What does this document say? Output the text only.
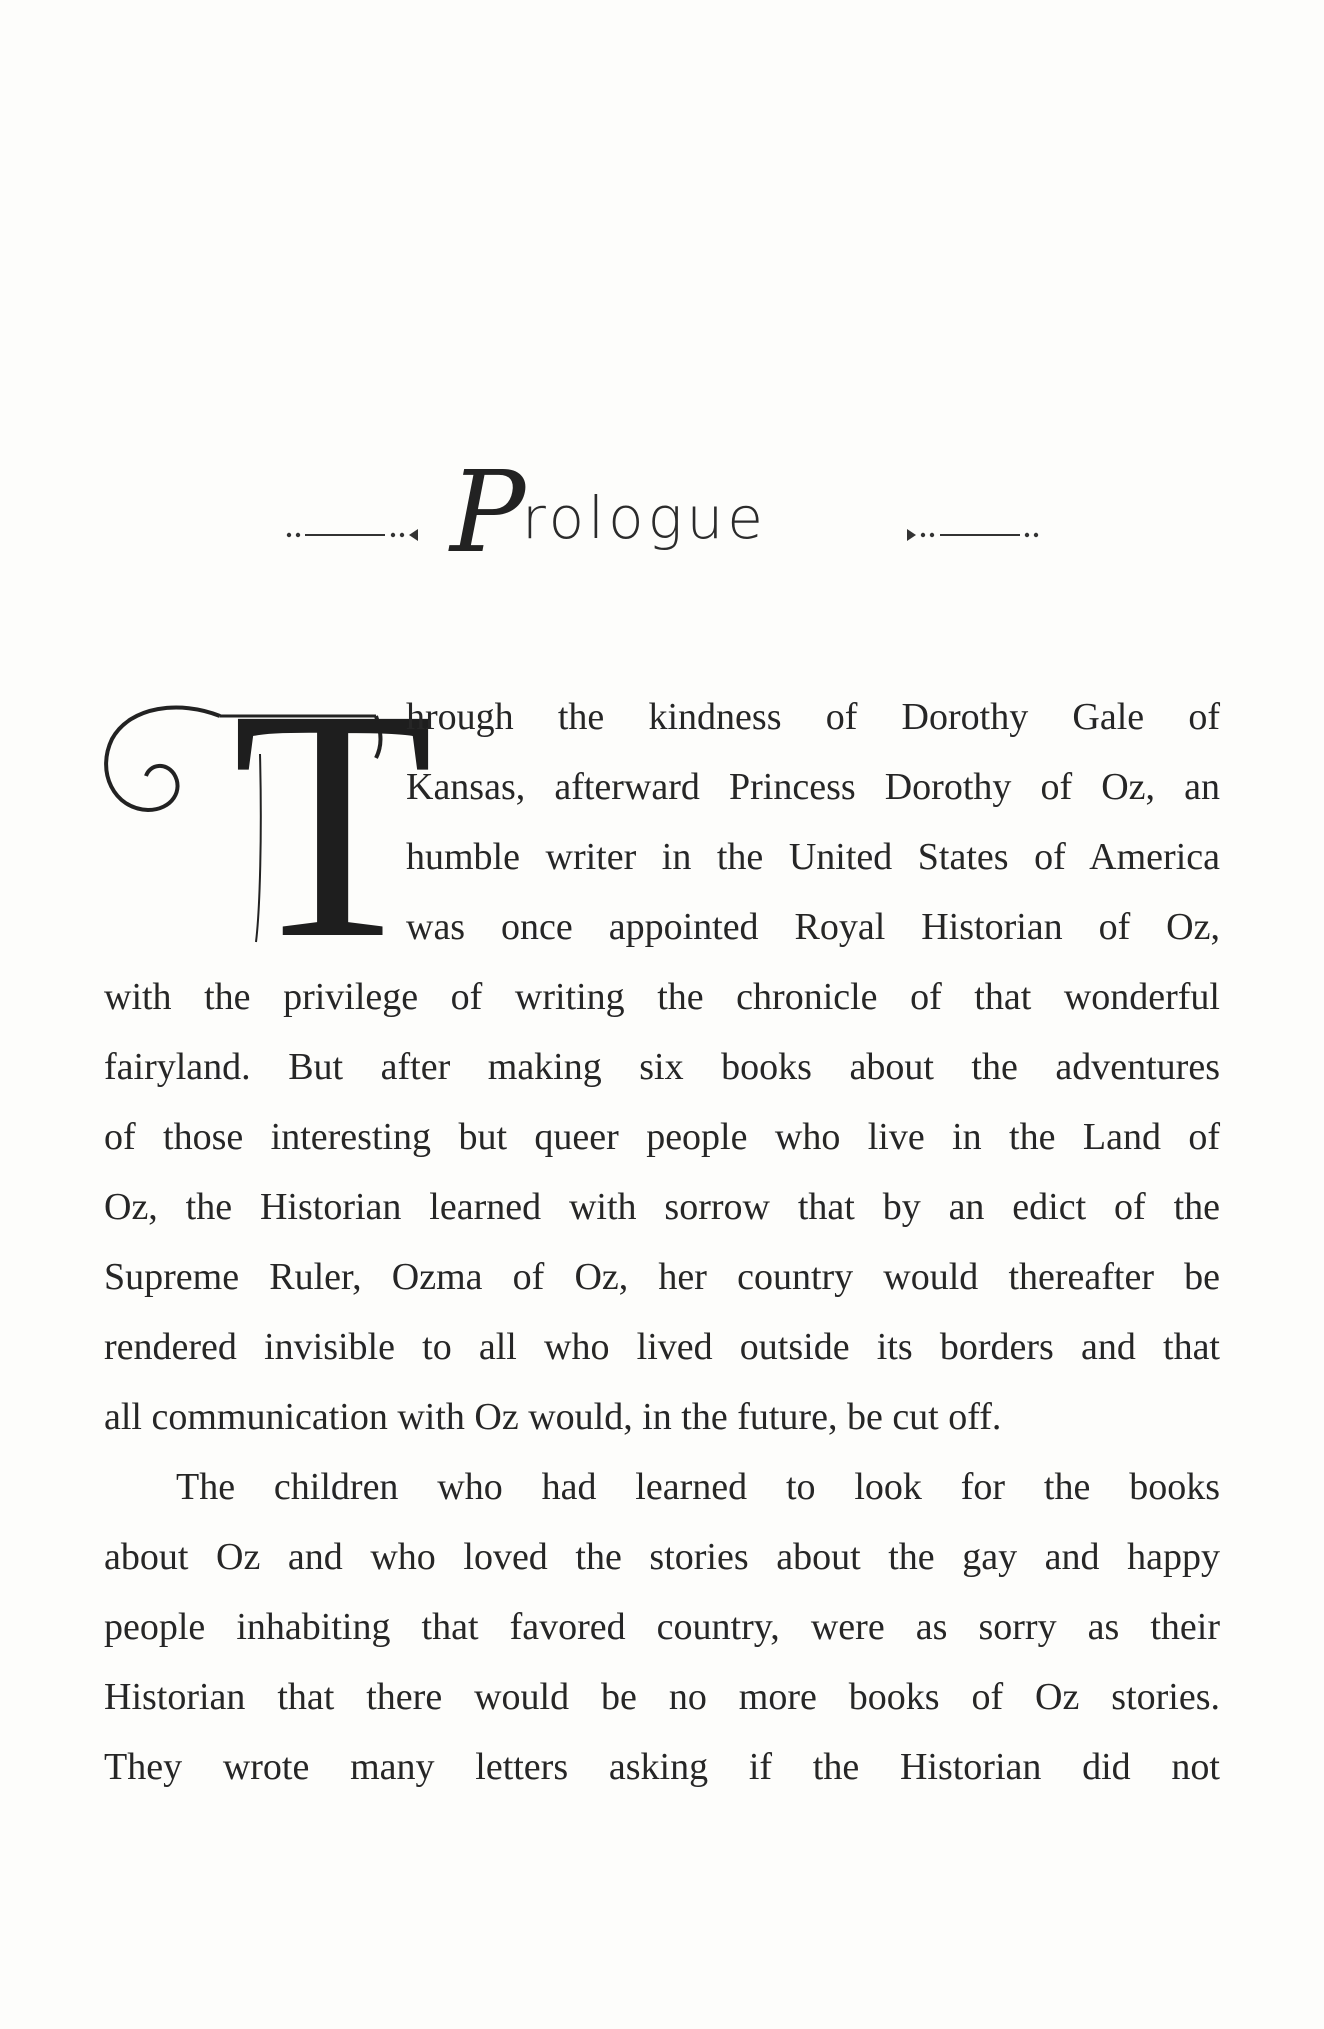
P
rologue
T
hrough the kindness of Dorothy Gale of
Kansas, afterward Princess Dorothy of Oz, an
humble writer in the United States of America
was once appointed Royal Historian of Oz,
with the privilege of writing the chronicle of that wonderful
fairyland. But after making six books about the adventures
of those interesting but queer people who live in the Land of
Oz, the Historian learned with sorrow that by an edict of the
Supreme Ruler, Ozma of Oz, her country would thereafter be
rendered invisible to all who lived outside its borders and that
all communication with Oz would, in the future, be cut off.
The children who had learned to look for the books
about Oz and who loved the stories about the gay and happy
people inhabiting that favored country, were as sorry as their
Historian that there would be no more books of Oz stories.
They wrote many letters asking if the Historian did not
